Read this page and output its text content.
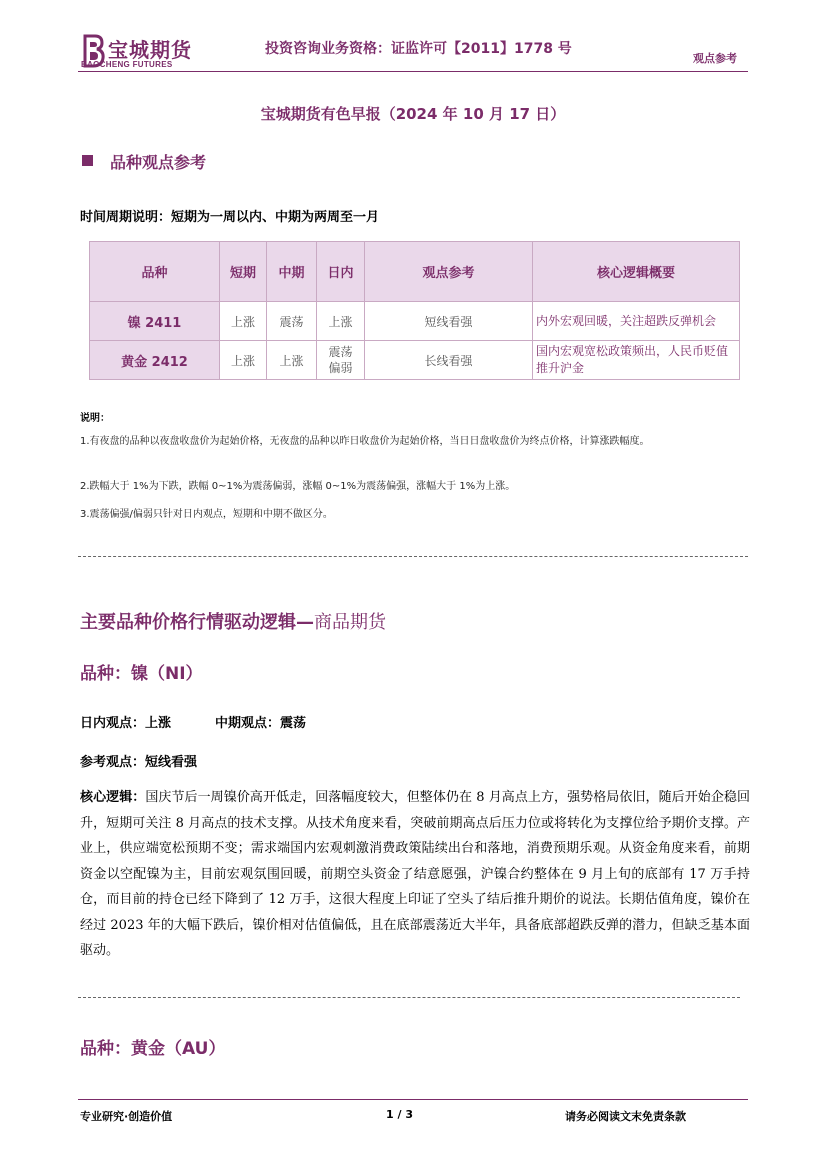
宝城期货
BAOCHENG FUTURES
投资咨询业务资格：证监许可【2011】1778 号
观点参考
宝城期货有色早报（2024 年 10 月 17 日）
品种观点参考
时间周期说明：短期为一周以内、中期为两周至一月
品种	短期	中期	日内	观点参考	核心逻辑概要
镍 2411	上涨	震荡	上涨	短线看强	内外宏观回暖，关注超跌反弹机会
黄金 2412	上涨	上涨	震荡偏弱	长线看强	国内宏观宽松政策频出，人民币贬值推升沪金
说明：
1.有夜盘的品种以夜盘收盘价为起始价格，无夜盘的品种以昨日收盘价为起始价格，当日日盘收盘价为终点价格，计算涨跌幅度。
2.跌幅大于 1%为下跌，跌幅 0~1%为震荡偏弱，涨幅 0~1%为震荡偏强，涨幅大于 1%为上涨。
3.震荡偏强/偏弱只针对日内观点，短期和中期不做区分。
主要品种价格行情驱动逻辑—商品期货
品种：镍（NI）
日内观点：上涨	中期观点：震荡
参考观点：短线看强
核心逻辑：国庆节后一周镍价高开低走，回落幅度较大，但整体仍在 8 月高点上方，强势格局依旧，随后开始企稳回升，短期可关注 8 月高点的技术支撑。从技术角度来看，突破前期高点后压力位或将转化为支撑位给予期价支撑。产业上，供应端宽松预期不变；需求端国内宏观刺激消费政策陆续出台和落地，消费预期乐观。从资金角度来看，前期资金以空配镍为主，目前宏观氛围回暖，前期空头资金了结意愿强，沪镍合约整体在 9 月上旬的底部有 17 万手持仓，而目前的持仓已经下降到了 12 万手，这很大程度上印证了空头了结后推升期价的说法。长期估值角度，镍价在经过 2023 年的大幅下跌后，镍价相对估值偏低，且在底部震荡近大半年，具备底部超跌反弹的潜力，但缺乏基本面驱动。
品种：黄金（AU）
专业研究·创造价值	1 / 3	请务必阅读文末免责条款
